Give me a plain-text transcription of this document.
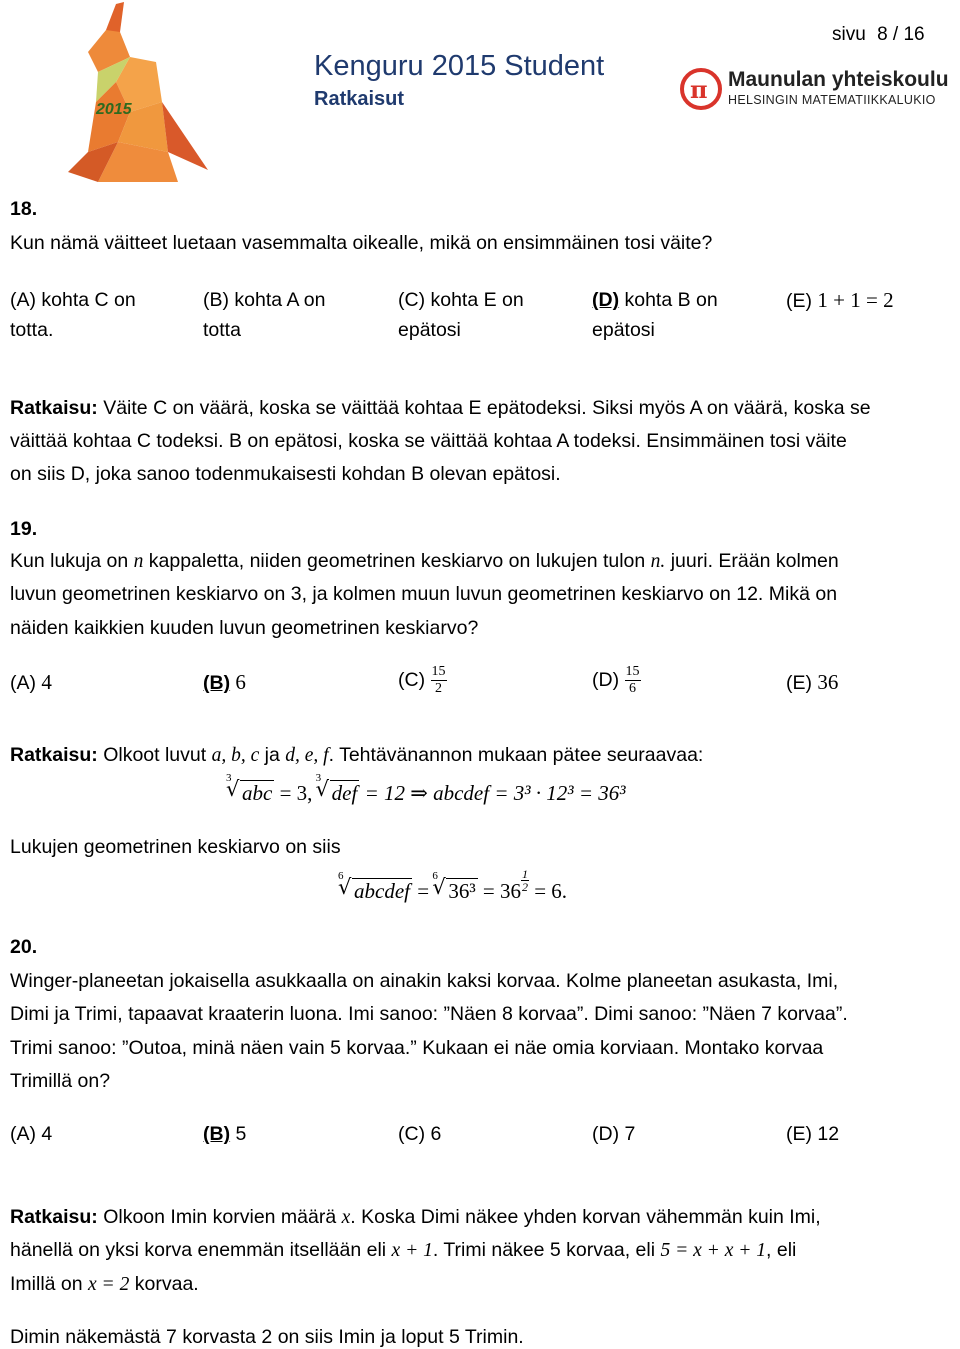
2015
sivu 8 / 16
Kenguru 2015 Student
Ratkaisut	π Maunulan yhteiskoulu
HELSINGIN MATEMATIIKKALUKIO
18.
Kun nämä väitteet luetaan vasemmalta oikealle, mikä on ensimmäinen tosi väite?
(A) kohta C on
totta.
(B) kohta A on
totta
(C) kohta E on
epätosi
(D) kohta B on
epätosi
(E) 1 + 1 = 2
Ratkaisu: Väite C on väärä, koska se väittää kohtaa E epätodeksi. Siksi myös A on väärä, koska se
väittää kohtaa C todeksi. B on epätosi, koska se väittää kohtaa A todeksi. Ensimmäinen tosi väite
on siis D, joka sanoo todenmukaisesti kohdan B olevan epätosi.
19.
Kun lukuja on n kappaletta, niiden geometrinen keskiarvo on lukujen tulon n. juuri. Erään kolmen
luvun geometrinen keskiarvo on 3, ja kolmen muun luvun geometrinen keskiarvo on 12. Mikä on
näiden kaikkien kuuden luvun geometrinen keskiarvo?
(A) 4	(B) 6	$(C) \frac{15}{2}$	$(D) \frac{15}{6}$	(E) 36
Ratkaisu: Olkoot luvut a, b, c ja d, e, f. Tehtävänannon mukaan pätee seuraavaa:
√ 3
abc = 3,
√ 3
def = 12 ⇒ abcdef = 3³ · 12³ = 36³
Lukujen geometrinen keskiarvo on siis
√ 6
abcdef =
√ 6
$36^3 = 36 \frac{1}{2} = 6$.
20.
Winger-planeetan jokaisella asukkaalla on ainakin kaksi korvaa. Kolme planeetan asukasta, Imi,
Dimi ja Trimi, tapaavat kraaterin luona. Imi sanoo: ”Näen 8 korvaa”. Dimi sanoo: ”Näen 7 korvaa”.
Trimi sanoo: ”Outoa, minä näen vain 5 korvaa.” Kukaan ei näe omia korviaan. Montako korvaa
Trimillä on?
(A) 4	(B) 5	(C) 6	(D) 7	(E) 12
Ratkaisu: Olkoon Imin korvien määrä x. Koska Dimi näkee yhden korvan vähemmän kuin Imi,
hänellä on yksi korva enemmän itsellään eli x + 1. Trimi näkee 5 korvaa, eli 5 = x + x + 1, eli
Imillä on x = 2 korvaa.
Dimin näkemästä 7 korvasta 2 on siis Imin ja loput 5 Trimin.
